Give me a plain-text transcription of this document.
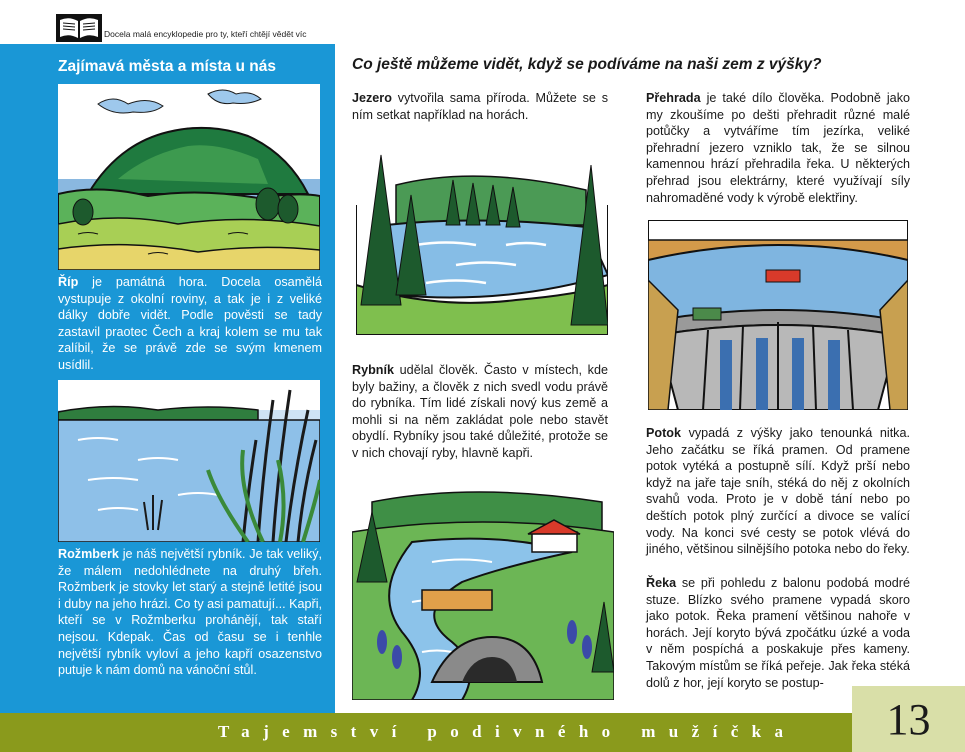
Docela malá encyklopedie pro ty, kteří chtějí vědět víc
Zajímavá města a místa u nás
Říp je památná hora. Docela osamělá vystupuje z okolní roviny, a tak je i z veliké dálky dobře vidět. Podle pověsti se tady zastavil praotec Čech a kraj kolem se mu tak zalíbil, že se právě zde se svým kmenem usídlil.
Rožmberk je náš největší rybník. Je tak veliký, že málem nedohlédnete na druhý břeh. Rožmberk je stovky let starý a stejně letité jsou i duby na jeho hrázi. Co ty asi pamatují... Kapři, kteří se v Rožmberku prohánějí, tak staří nejsou. Kdepak. Čas od času se i tenhle největší rybník vyloví a jeho kapří osazenstvo putuje k nám domů na vánoční stůl.
Co ještě můžeme vidět, když se podíváme na naši zem z výšky?
Jezero vytvořila sama příroda. Můžete se s ním setkat například na horách.
Rybník udělal člověk. Často v místech, kde byly bažiny, a člověk z nich svedl vodu právě do rybníka. Tím lidé získali nový kus země a mohli si na něm zakládat pole nebo stavět obydlí. Rybníky jsou také důležité, protože se v nich chovají ryby, hlavně kapři.
Přehrada je také dílo člověka. Podobně jako my zkoušíme po dešti přehradit různé malé potůčky a vytváříme tím jezírka, veliké přehradní jezero vzniklo tak, že se silnou kamennou hrází přehradila řeka. U některých přehrad jsou elektrárny, které využívají síly nahromaděné vody k výrobě elektřiny.
Potok vypadá z výšky jako tenounká nitka. Jeho začátku se říká pramen. Od pramene potok vytéká a postupně sílí. Když prší nebo když na jaře taje sníh, stéká do něj z okolních svahů voda. Proto je v době tání nebo po deštích potok plný zurčící a divoce se valící vody. Na konci své cesty se potok vlévá do jiného, většinou silnějšího potoka nebo do řeky.
Řeka se při pohledu z balonu podobá modré stuze. Blízko svého pramene vypadá skoro jako potok. Řeka pramení většinou nahoře v horách. Její koryto bývá zpočátku úzké a voda v něm pospíchá a poskakuje přes kameny. Takovým místům se říká peřeje. Jak řeka stéká dolů z hor, její koryto se postup-
Tajemství podivného mužíčka	13
